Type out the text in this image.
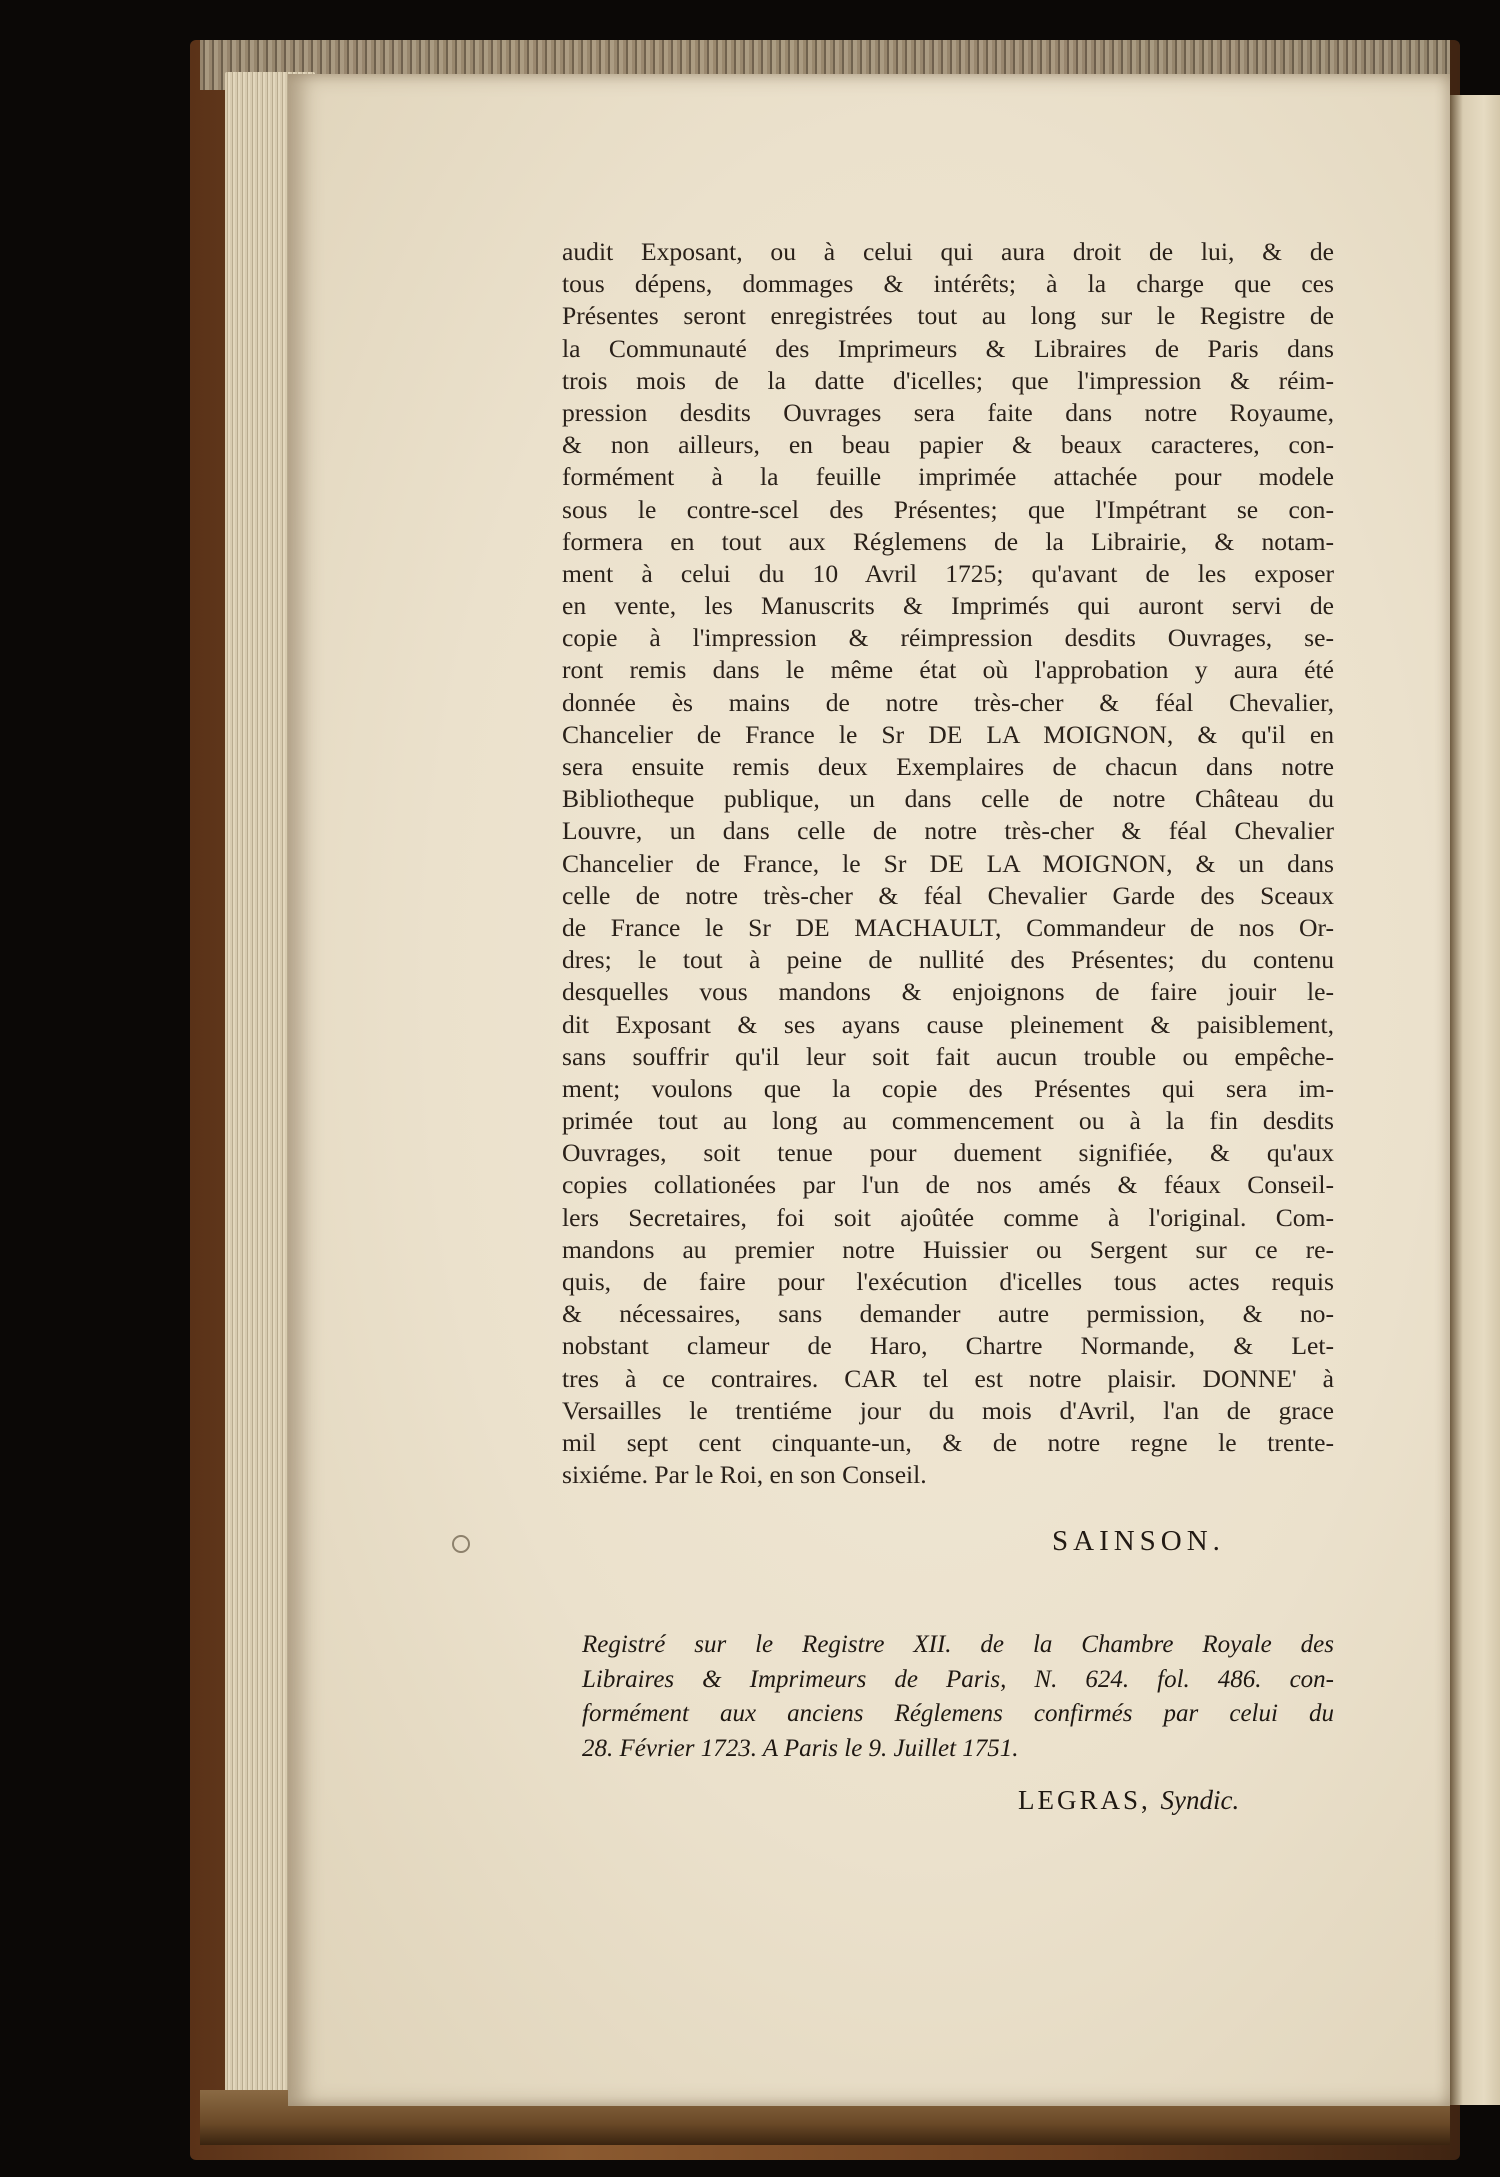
audit Exposant, ou à celui qui aura droit de lui, & de
tous dépens, dommages & intérêts; à la charge que ces
Présentes seront enregistrées tout au long sur le Registre de
la Communauté des Imprimeurs & Libraires de Paris dans
trois mois de la datte d'icelles; que l'impression & réim-
pression desdits Ouvrages sera faite dans notre Royaume,
& non ailleurs, en beau papier & beaux caracteres, con-
formément à la feuille imprimée attachée pour modele
sous le contre-scel des Présentes; que l'Impétrant se con-
formera en tout aux Réglemens de la Librairie, & notam-
ment à celui du 10 Avril 1725; qu'avant de les exposer
en vente, les Manuscrits & Imprimés qui auront servi de
copie à l'impression & réimpression desdits Ouvrages, se-
ront remis dans le même état où l'approbation y aura été
donnée ès mains de notre très-cher & féal Chevalier,
Chancelier de France le Sr DE LA MOIGNON, & qu'il en
sera ensuite remis deux Exemplaires de chacun dans notre
Bibliotheque publique, un dans celle de notre Château du
Louvre, un dans celle de notre très-cher & féal Chevalier
Chancelier de France, le Sr DE LA MOIGNON, & un dans
celle de notre très-cher & féal Chevalier Garde des Sceaux
de France le Sr DE MACHAULT, Commandeur de nos Or-
dres; le tout à peine de nullité des Présentes; du contenu
desquelles vous mandons & enjoignons de faire jouir le-
dit Exposant & ses ayans cause pleinement & paisiblement,
sans souffrir qu'il leur soit fait aucun trouble ou empêche-
ment; voulons que la copie des Présentes qui sera im-
primée tout au long au commencement ou à la fin desdits
Ouvrages, soit tenue pour duement signifiée, & qu'aux
copies collationées par l'un de nos amés & féaux Conseil-
lers Secretaires, foi soit ajoûtée comme à l'original. Com-
mandons au premier notre Huissier ou Sergent sur ce re-
quis, de faire pour l'exécution d'icelles tous actes requis
& nécessaires, sans demander autre permission, & no-
nobstant clameur de Haro, Chartre Normande, & Let-
tres à ce contraires. CAR tel est notre plaisir. DONNE' à
Versailles le trentiéme jour du mois d'Avril, l'an de grace
mil sept cent cinquante-un, & de notre regne le trente-
sixiéme. Par le Roi, en son Conseil.
SAINSON.
Registré sur le Registre XII. de la Chambre Royale des
Libraires & Imprimeurs de Paris, N. 624. fol. 486. con-
formément aux anciens Réglemens confirmés par celui du
28. Février 1723. A Paris le 9. Juillet 1751.
LEGRAS, Syndic.
